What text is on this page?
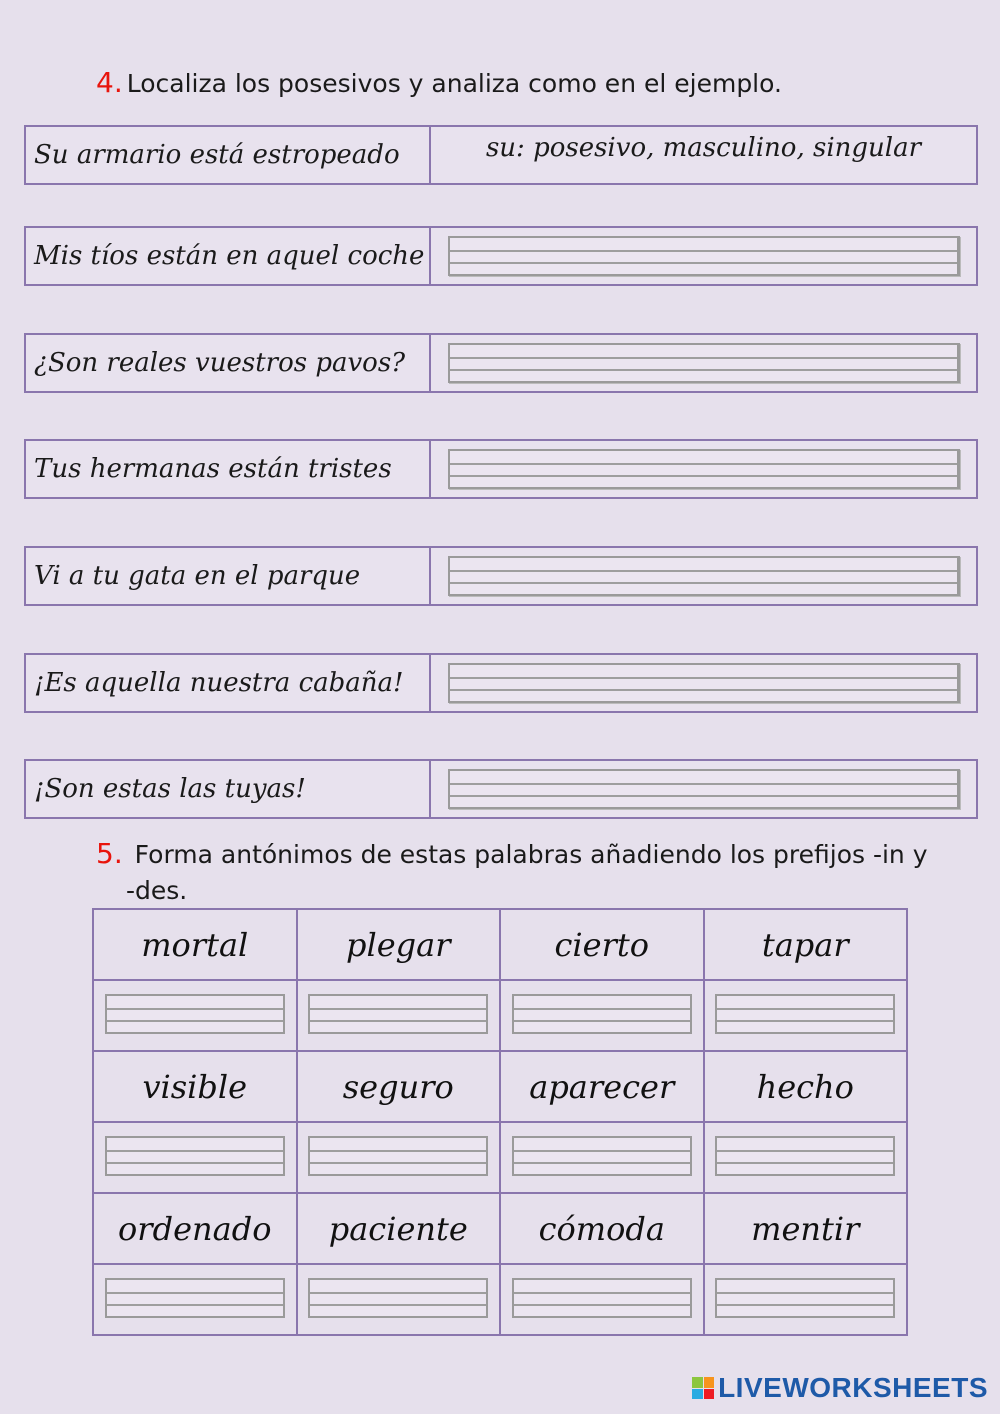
4. Localiza los posesivos y analiza como en el ejemplo.
Su armario está estropeado	su: posesivo, masculino, singular
Mis tíos están en aquel coche
¿Son reales vuestros pavos?
Tus hermanas están tristes
Vi a tu gata en el parque
¡Es aquella nuestra cabaña!
¡Son estas las tuyas!
5. Forma antónimos de estas palabras añadiendo los prefijos -in y
-des.
mortal	plegar	cierto	tapar

visible	seguro	aparecer	hecho

ordenado	paciente	cómoda	mentir

LIVEWORKSHEETS
